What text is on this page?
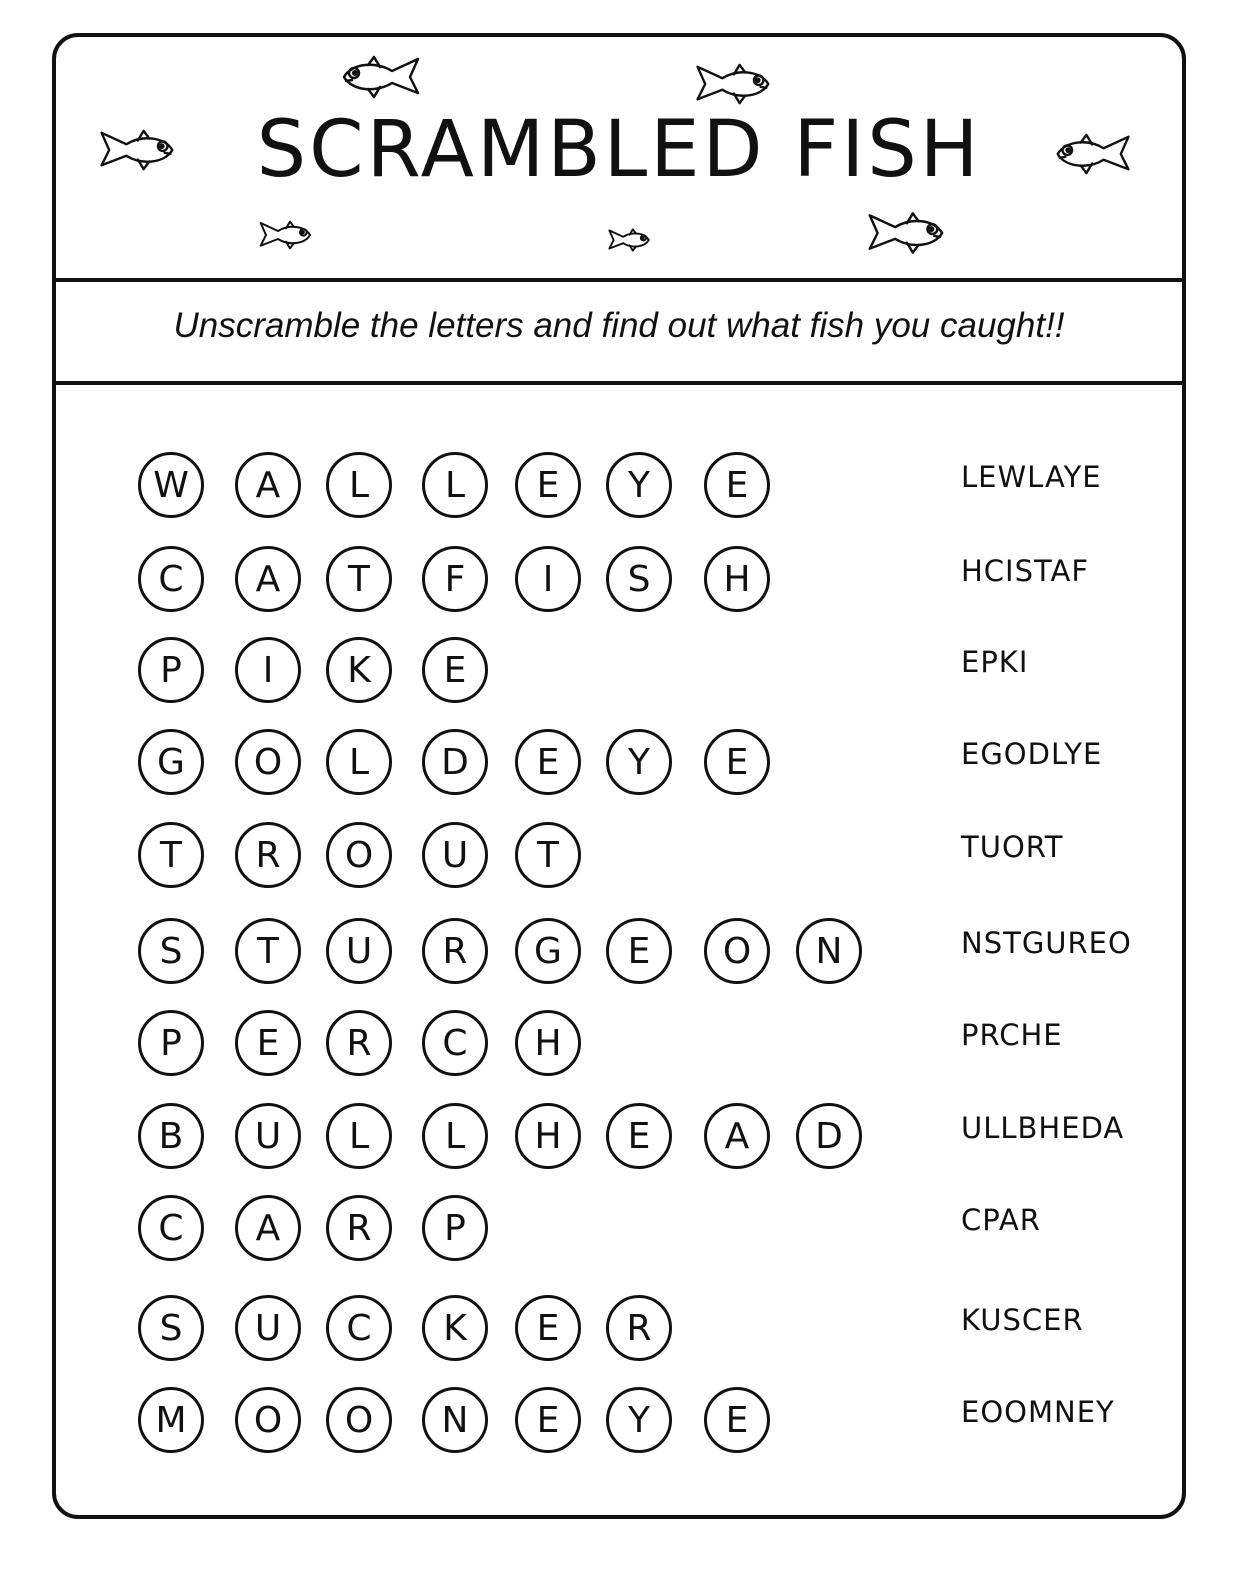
SCRAMBLED FISH
Unscramble the letters and find out what fish you caught!!
W	A	L	L	E	Y	E	LEWLAYE
C	A	T	F	I	S	H	HCISTAF
P	I	K	E	EPKI
G	O	L	D	E	Y	E	EGODLYE
T	R	O	U	T	TUORT
S	T	U	R	G	E	O	N	NSTGUREO
P	E	R	C	H	PRCHE
B	U	L	L	H	E	A	D	ULLBHEDA
C	A	R	P	CPAR
S	U	C	K	E	R	KUSCER
M	O	O	N	E	Y	E	EOOMNEY
